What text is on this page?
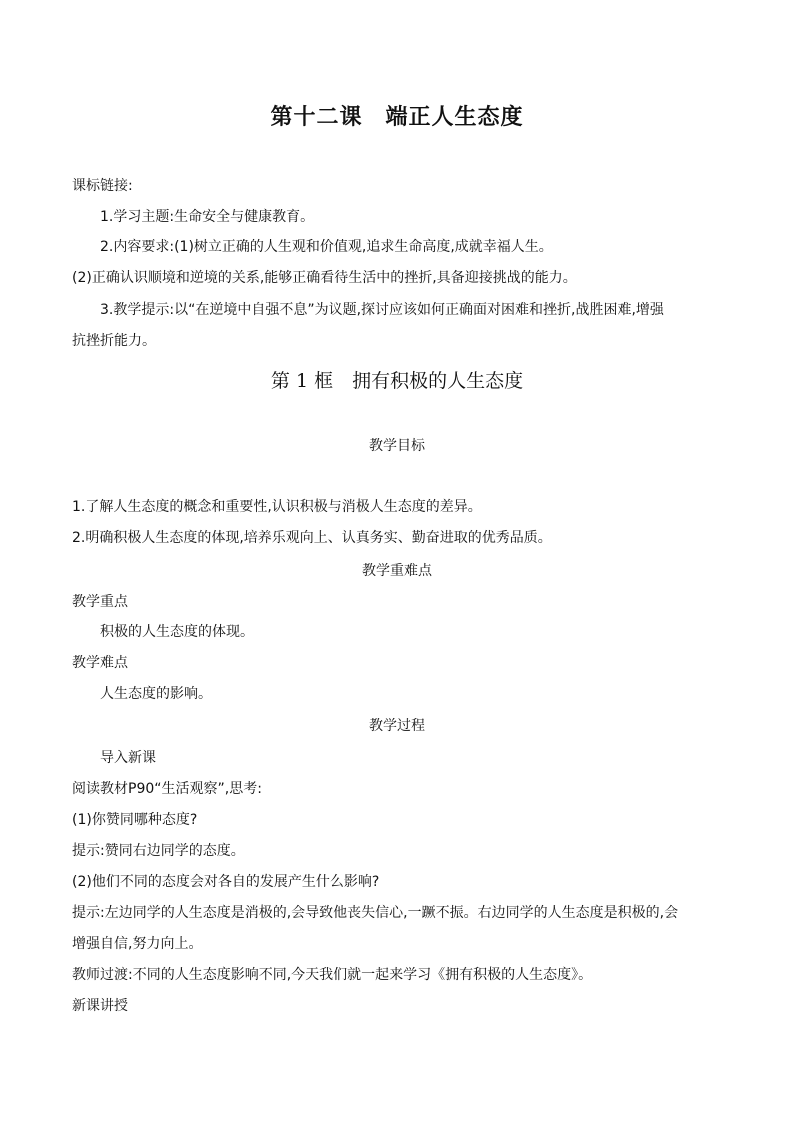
第十二课　端正人生态度
课标链接:
1.学习主题:生命安全与健康教育。
2.内容要求:(1)树立正确的人生观和价值观,追求生命高度,成就幸福人生。
(2)正确认识顺境和逆境的关系,能够正确看待生活中的挫折,具备迎接挑战的能力。
3.教学提示:以“在逆境中自强不息”为议题,探讨应该如何正确面对困难和挫折,战胜困难,增强
抗挫折能力。
第 1 框　拥有积极的人生态度
教学目标
1.了解人生态度的概念和重要性,认识积极与消极人生态度的差异。
2.明确积极人生态度的体现,培养乐观向上、认真务实、勤奋进取的优秀品质。
教学重难点
教学重点
积极的人生态度的体现。
教学难点
人生态度的影响。
教学过程
导入新课
阅读教材P90“生活观察”,思考:
(1)你赞同哪种态度?
提示:赞同右边同学的态度。
(2)他们不同的态度会对各自的发展产生什么影响?
提示:左边同学的人生态度是消极的,会导致他丧失信心,一蹶不振。右边同学的人生态度是积极的,会
增强自信,努力向上。
教师过渡:不同的人生态度影响不同,今天我们就一起来学习《拥有积极的人生态度》。
新课讲授
